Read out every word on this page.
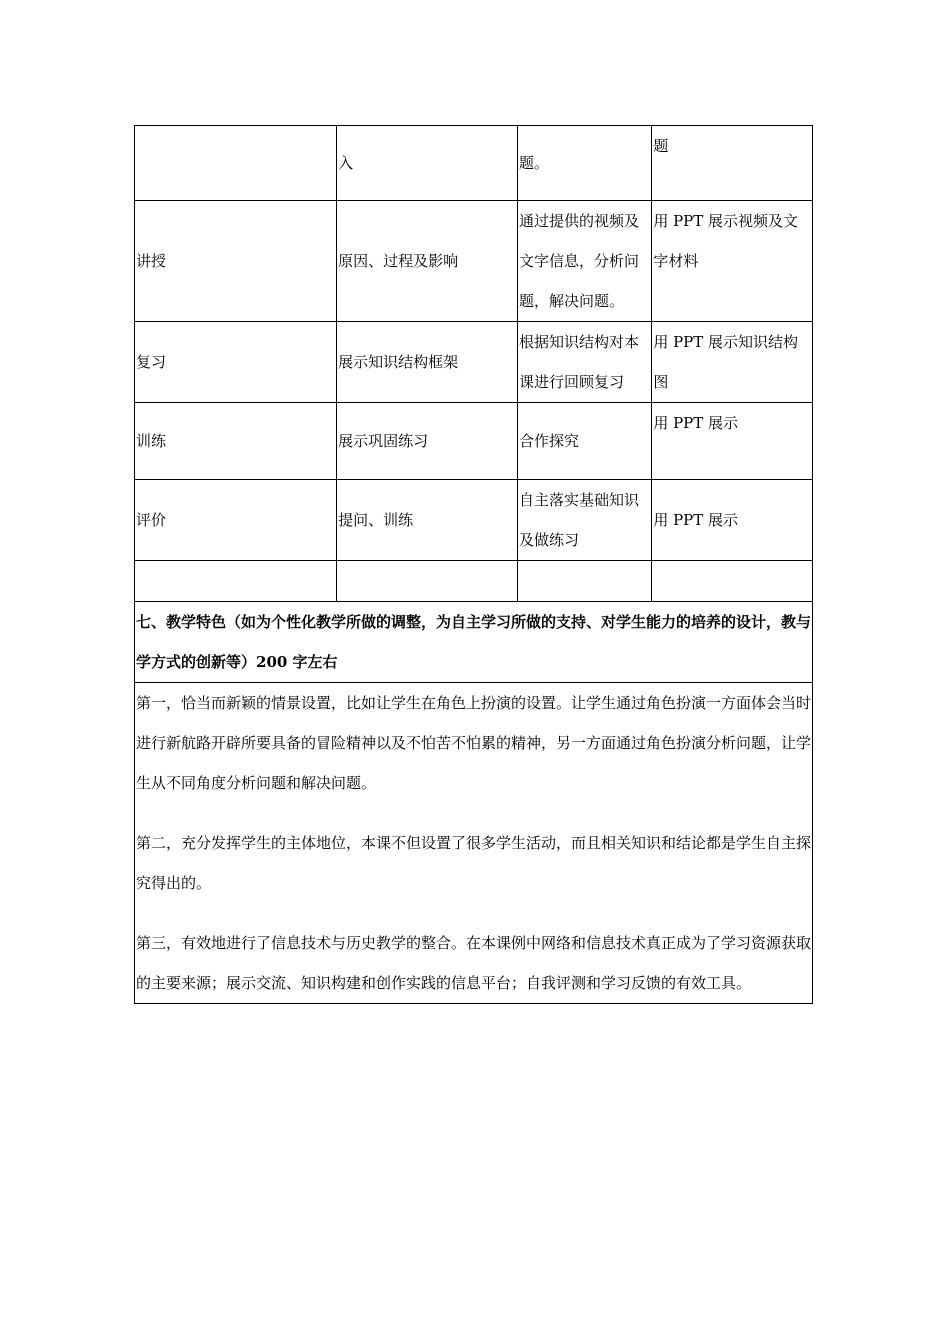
	入	题。	题
讲授	原因、过程及影响	通过提供的视频及文字信息，分析问题，解决问题。	用 PPT 展示视频及文字材料
复习	展示知识结构框架	根据知识结构对本课进行回顾复习	用 PPT 展示知识结构图
训练	展示巩固练习	合作探究	用 PPT 展示
评价	提问、训练	自主落实基础知识及做练习	用 PPT 展示

七、教学特色（如为个性化教学所做的调整，为自主学习所做的支持、对学生能力的培养的设计，教与学方式的创新等）200 字左右			

第一，恰当而新颖的情景设置，比如让学生在角色上扮演的设置。让学生通过角色扮演一方面体会当时进行新航路开辟所要具备的冒险精神以及不怕苦不怕累的精神，另一方面通过角色扮演分析问题，让学生从不同角度分析问题和解决问题。

第二，充分发挥学生的主体地位，本课不但设置了很多学生活动，而且相关知识和结论都是学生自主探究得出的。

第三，有效地进行了信息技术与历史教学的整合。在本课例中网络和信息技术真正成为了学习资源获取的主要来源；展示交流、知识构建和创作实践的信息平台；自我评测和学习反馈的有效工具。			
